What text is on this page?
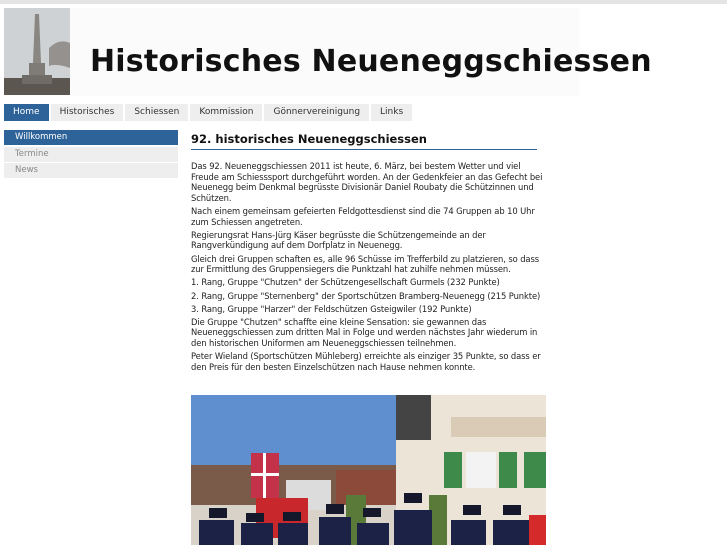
Historisches Neueneggschiessen
Home	Historisches	Schiessen	Kommission	Gönnervereinigung	Links
Willkommen
Termine
News
92. historisches Neueneggschiessen

Das 92. Neueneggschiessen 2011 ist heute, 6. März, bei bestem Wetter und viel Freude am Schiesssport durchgeführt worden. An der Gedenkfeier an das Gefecht bei Neuenegg beim Denkmal begrüsste Divisionär Daniel Roubaty die Schützinnen und Schützen.

Nach einem gemeinsam gefeierten Feldgottesdienst sind die 74 Gruppen ab 10 Uhr zum Schiessen angetreten.

Regierungsrat Hans-Jürg Käser begrüsste die Schützengemeinde an der Rangverkündigung auf dem Dorfplatz in Neuenegg.

Gleich drei Gruppen schaften es, alle 96 Schüsse im Trefferbild zu platzieren, so dass zur Ermittlung des Gruppensiegers die Punktzahl hat zuhilfe nehmen müssen.

1. Rang, Gruppe "Chutzen" der Schützengesellschaft Gurmels (232 Punkte)

2. Rang, Gruppe "Sternenberg" der Sportschützen Bramberg-Neuenegg (215 Punkte)

3. Rang, Gruppe "Harzer" der Feldschützen Gsteigwiler (192 Punkte)

Die Gruppe "Chutzen" schaffte eine kleine Sensation: sie gewannen das Neueneggschiessen zum dritten Mal in Folge und werden nächstes Jahr wiederum in den historischen Uniformen am Neueneggschiessen teilnehmen.

Peter Wieland (Sportschützen Mühleberg) erreichte als einziger 35 Punkte, so dass er den Preis für den besten Einzelschützen nach Hause nehmen konnte.
